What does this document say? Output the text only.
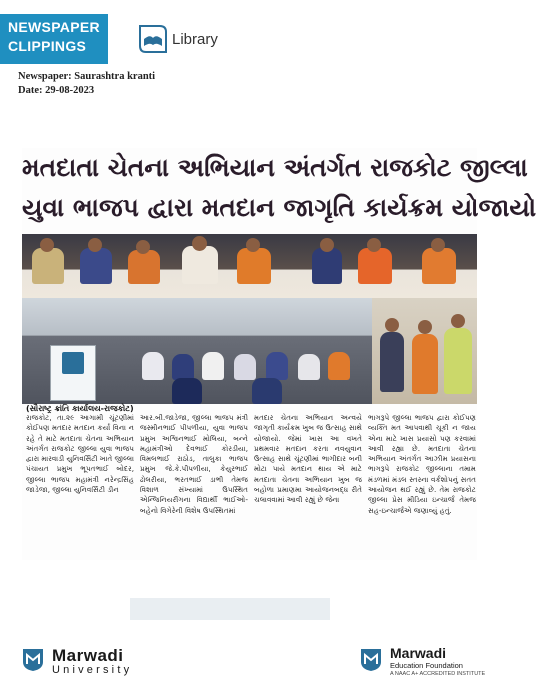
NEWSPAPER
CLIPPINGS	Library
Newspaper: Saurashtra kranti
Date: 29-08-2023
મતદાતા ચેતના અભિયાન અંતર્ગત રાજકોટ જીલ્લા
યુવા ભાજપ દ્વારા મતદાન જાગૃતિ કાર્યક્રમ યોજાયો
(સૌરાષ્ટ્ર ક્રાંતિ કાર્યાલય-રાજકોટ)

રાજકોટ, તા.૨૯ આગામી ચૂંટણીમાં કોઈપણ મતદાર મતદાન કર્યા વિના ન રહે તે માટે મતદાતા ચેતના અભિયાન અંતર્ગત રાજકોટ જીલ્લા યુવા ભાજપ દ્વારા મારવાડી યુનિવર્સિટી ખાતે જીલ્લા પંચાયત પ્રમુખ ભૂપતભાઈ બોદર, જીલ્લા ભાજપ મહામંત્રી નરેન્દ્રસિંહ જાડેજા, જીલ્લા યુનિવર્સિટી ડીન

આર.બી.જાડેજા, જીલ્લા ભાજપ મંત્રી જસ્મીનભાઈ પીપળીયા, યુવા ભાજપ પ્રમુખ અશ્વિનભાઈ મોલિયા, બન્ને મહામંત્રીઓ દેવભાઈ કોરડીયા, વિમલભાઈ રાઠોડ, તાલુકા ભાજપ પ્રમુખ જે.કે.પીપળીયા, કેયુરભાઈ ઢોલરીયા, ભરતભાઈ ડાભી તેમજ વિશાળ સંખ્યામાં ઉપસ્થિત એન્જિનિયરીંગના વિદ્યાર્થી ભાઈઓ-બહેનો વિગેરેની વિશેષ ઉપસ્થિતમાં

મતદાર ચેતના અભિયાન અન્વયે જાગૃતી કાર્યક્રમ ખુબ જ ઉત્સાહ સાથે યોજાયો. જેમાં ખાસ આ વખતે પ્રથમવાર મતદાન કરતા નવયુવાન ઉત્સાહ સાથે ચૂંટણીમાં ભાગીદાર બની મોટા પાયે મતદાન થાય એ માટે મતદાતા ચેતના અભિયાન ખુબ જ બહોળા પ્રમાણમા આયોજનબદ્ધ રીતે ચલાવવામાં આવી રહ્યું છે જેના

ભાગરૂપે જીલ્લા ભાજપ દ્વારા કોઈપણ વ્યક્તિ મત આપવાથી ચૂકી ન જાય એના માટે ખાસ પ્રયાસો પણ કરવામાં આવી રહ્યા છે. મતદાતા ચેતના અભિયાન અંતર્ગત આઝીમ પ્રયાસના ભાગરૂપે રાજકોટ જીલ્લાના તમામ મંડળમાં મંડલ સ્તરના વર્કશોપનું સતત આયોજન થઈ રહ્યું છે. તેમ રાજકોટ જીલ્લા પ્રેસ મીડિયા ઇન્ચાર્જ તેમજ સહ-ઇન્ચાર્જએ જણાવ્યું હતું.

Marwadi
University
Marwadi
Education Foundation
A NAAC A+ ACCREDITED INSTITUTE
